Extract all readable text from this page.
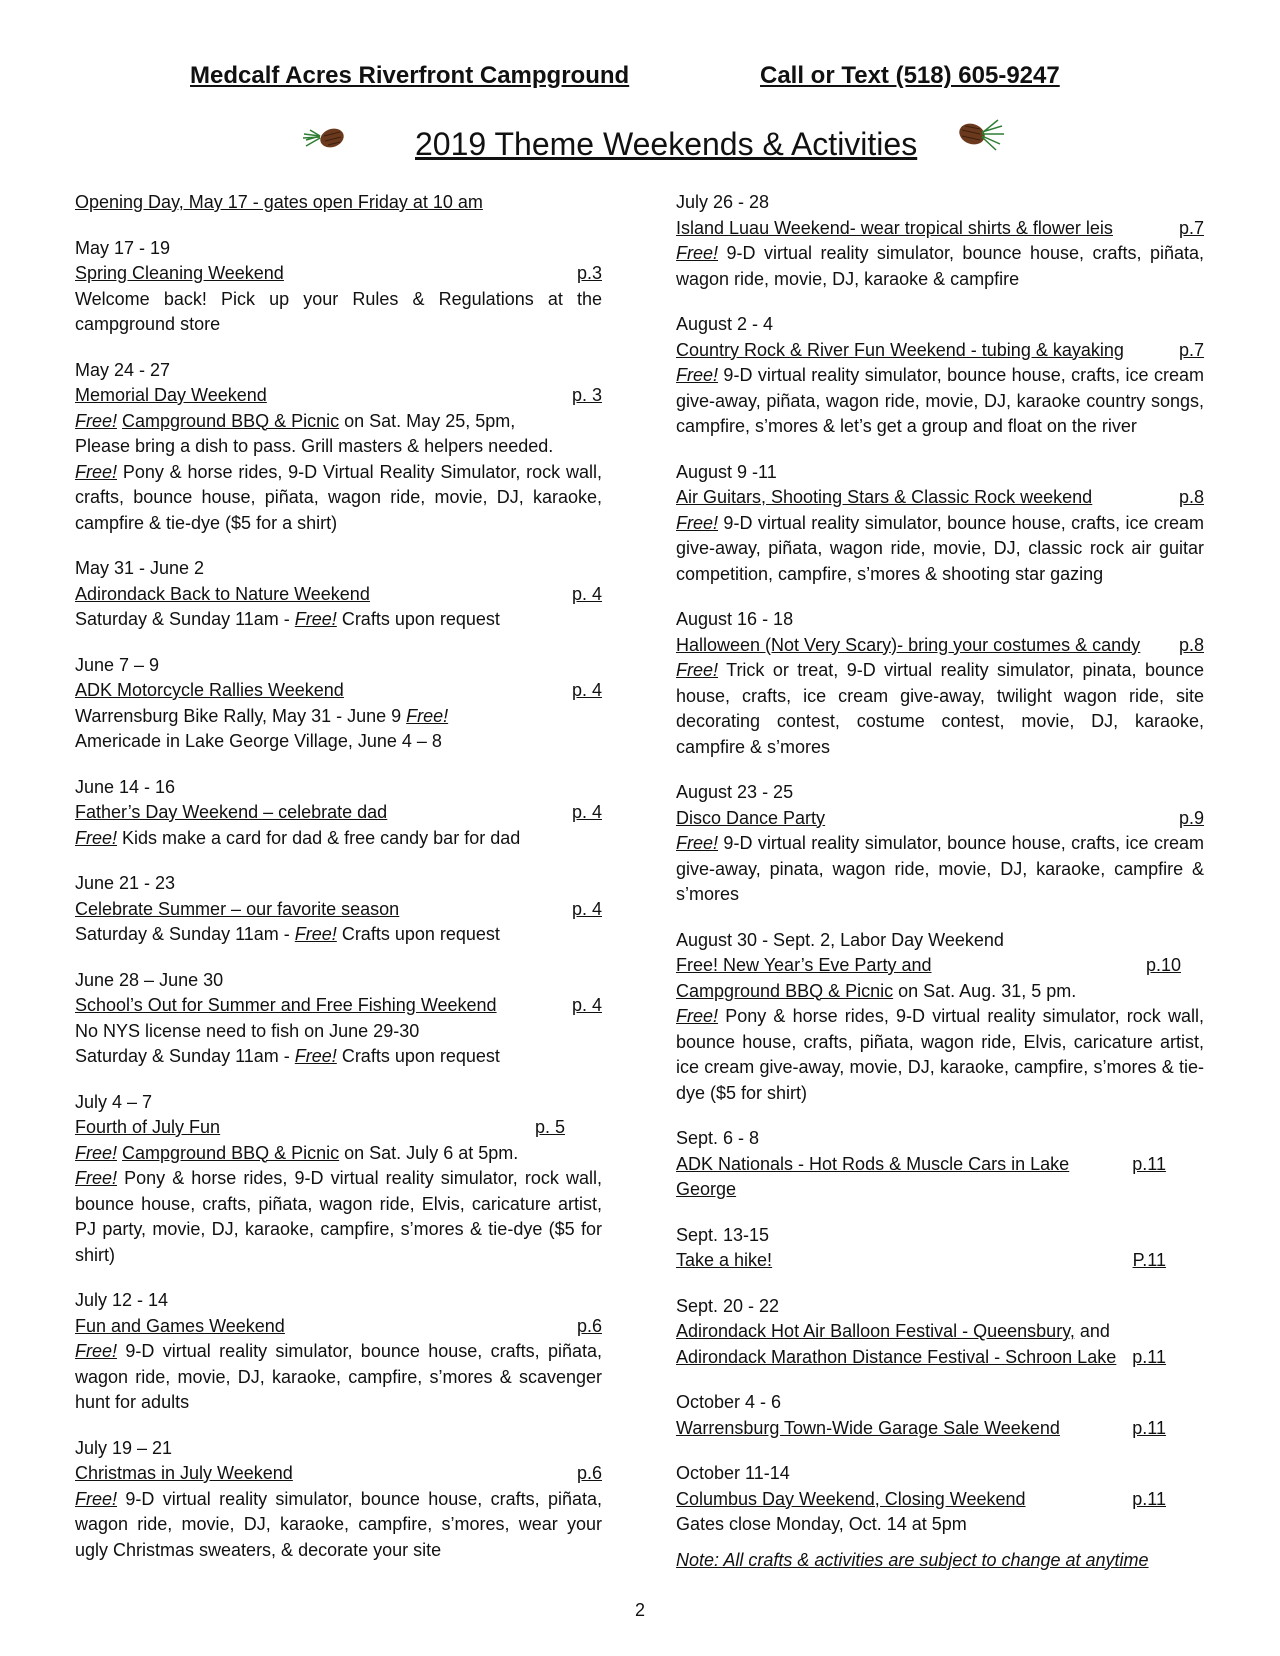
Medcalf Acres Riverfront Campground	Call or Text (518) 605-9247
2019 Theme Weekends & Activities
Opening Day, May 17 - gates open Friday at 10 am
May 17 - 19
Spring Cleaning Weekend	p.3
Welcome back! Pick up your Rules & Regulations at the campground store
May 24 - 27
Memorial Day Weekend	p. 3
Free! Campground BBQ & Picnic on Sat. May 25, 5pm,
Please bring a dish to pass. Grill masters & helpers needed.
Free! Pony & horse rides, 9-D Virtual Reality Simulator, rock wall, crafts, bounce house, piñata, wagon ride, movie, DJ, karaoke, campfire & tie-dye ($5 for a shirt)
May 31 - June 2
Adirondack Back to Nature Weekend	p. 4
Saturday & Sunday 11am - Free! Crafts upon request
June 7 – 9
ADK Motorcycle Rallies Weekend	p. 4
Warrensburg Bike Rally, May 31 - June 9 Free!
Americade in Lake George Village, June 4 – 8
June 14 - 16
Father’s Day Weekend – celebrate dad	p. 4
Free! Kids make a card for dad & free candy bar for dad
June 21 - 23
Celebrate Summer – our favorite season	p. 4
Saturday & Sunday 11am - Free! Crafts upon request
June 28 – June 30
School’s Out for Summer and Free Fishing Weekend	p. 4
No NYS license need to fish on June 29-30
Saturday & Sunday 11am - Free! Crafts upon request
July 4 – 7
Fourth of July Fun	p. 5
Free! Campground BBQ & Picnic on Sat. July 6 at 5pm.
Free! Pony & horse rides, 9-D virtual reality simulator, rock wall, bounce house, crafts, piñata, wagon ride, Elvis, caricature artist, PJ party, movie, DJ, karaoke, campfire, s’mores & tie-dye ($5 for shirt)
July 12 - 14
Fun and Games Weekend	p.6
Free! 9-D virtual reality simulator, bounce house, crafts, piñata, wagon ride, movie, DJ, karaoke, campfire, s’mores & scavenger hunt for adults
July 19 – 21
Christmas in July Weekend	p.6
Free! 9-D virtual reality simulator, bounce house, crafts, piñata, wagon ride, movie, DJ, karaoke, campfire, s’mores, wear your ugly Christmas sweaters, & decorate your site
July 26 - 28
Island Luau Weekend- wear tropical shirts & flower leis	p.7
Free! 9-D virtual reality simulator, bounce house, crafts, piñata, wagon ride, movie, DJ, karaoke & campfire
August 2 - 4
Country Rock & River Fun Weekend - tubing & kayaking	p.7
Free! 9-D virtual reality simulator, bounce house, crafts, ice cream give-away, piñata, wagon ride, movie, DJ, karaoke country songs, campfire, s’mores & let’s get a group and float on the river
August 9 -11
Air Guitars, Shooting Stars & Classic Rock weekend	p.8
Free! 9-D virtual reality simulator, bounce house, crafts, ice cream give-away, piñata, wagon ride, movie, DJ, classic rock air guitar competition, campfire, s’mores & shooting star gazing
August 16 - 18
Halloween (Not Very Scary)- bring your costumes & candy p.8
Free! Trick or treat, 9-D virtual reality simulator, pinata, bounce house, crafts, ice cream give-away, twilight wagon ride, site decorating contest, costume contest, movie, DJ, karaoke, campfire & s’mores
August 23 - 25
Disco Dance Party	p.9
Free! 9-D virtual reality simulator, bounce house, crafts, ice cream give-away, pinata, wagon ride, movie, DJ, karaoke, campfire & s’mores
August 30 - Sept. 2, Labor Day Weekend
Free! New Year’s Eve Party and	p.10
Campground BBQ & Picnic on Sat. Aug. 31, 5 pm.
Free! Pony & horse rides, 9-D virtual reality simulator, rock wall, bounce house, crafts, piñata, wagon ride, Elvis, caricature artist, ice cream give-away, movie, DJ, karaoke, campfire, s’mores & tie-dye ($5 for shirt)
Sept. 6 - 8
ADK Nationals - Hot Rods & Muscle Cars in Lake George
p.11
Sept. 13-15
Take a hike!	P.11
Sept. 20 - 22
Adirondack Hot Air Balloon Festival - Queensbury, and
Adirondack Marathon Distance Festival - Schroon Lake p.11
October 4 - 6
Warrensburg Town-Wide Garage Sale Weekend	p.11
October 11-14
Columbus Day Weekend, Closing Weekend	p.11
Gates close Monday, Oct. 14 at 5pm
Note: All crafts & activities are subject to change at anytime
2
